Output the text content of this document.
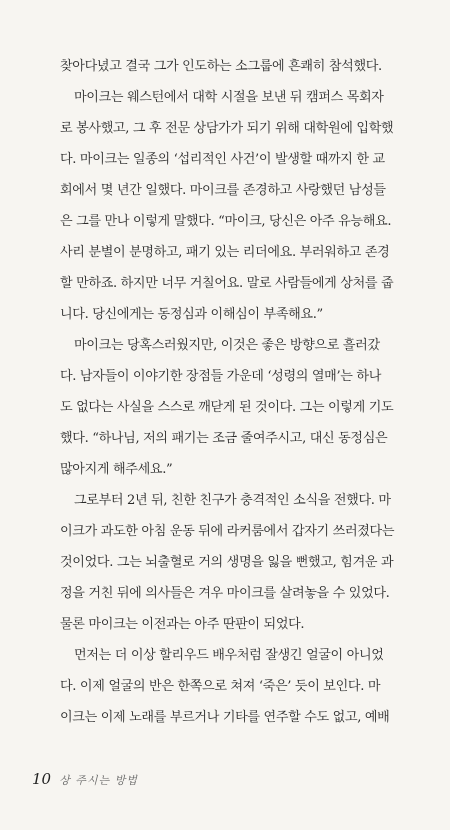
찾아다녔고 결국 그가 인도하는 소그룹에 흔쾌히 참석했다.
마이크는 웨스턴에서 대학 시절을 보낸 뒤 캠퍼스 목회자
로 봉사했고, 그 후 전문 상담가가 되기 위해 대학원에 입학했
다. 마이크는 일종의 ‘섭리적인 사건’이 발생할 때까지 한 교
회에서 몇 년간 일했다. 마이크를 존경하고 사랑했던 남성들
은 그를 만나 이렇게 말했다. “마이크, 당신은 아주 유능해요.
사리 분별이 분명하고, 패기 있는 리더에요. 부러워하고 존경
할 만하죠. 하지만 너무 거칠어요. 말로 사람들에게 상처를 줍
니다. 당신에게는 동정심과 이해심이 부족해요.”
마이크는 당혹스러웠지만, 이것은 좋은 방향으로 흘러갔
다. 남자들이 이야기한 장점들 가운데 ‘성령의 열매’는 하나
도 없다는 사실을 스스로 깨닫게 된 것이다. 그는 이렇게 기도
했다. “하나님, 저의 패기는 조금 줄여주시고, 대신 동정심은
많아지게 해주세요.”
그로부터 2년 뒤, 친한 친구가 충격적인 소식을 전했다. 마
이크가 과도한 아침 운동 뒤에 라커룸에서 갑자기 쓰러졌다는
것이었다. 그는 뇌출혈로 거의 생명을 잃을 뻔했고, 힘겨운 과
정을 거친 뒤에 의사들은 겨우 마이크를 살려놓을 수 있었다.
물론 마이크는 이전과는 아주 딴판이 되었다.
먼저는 더 이상 할리우드 배우처럼 잘생긴 얼굴이 아니었
다. 이제 얼굴의 반은 한쪽으로 쳐져 ‘죽은’ 듯이 보인다. 마
이크는 이제 노래를 부르거나 기타를 연주할 수도 없고, 예배
10 상 주시는 방법
